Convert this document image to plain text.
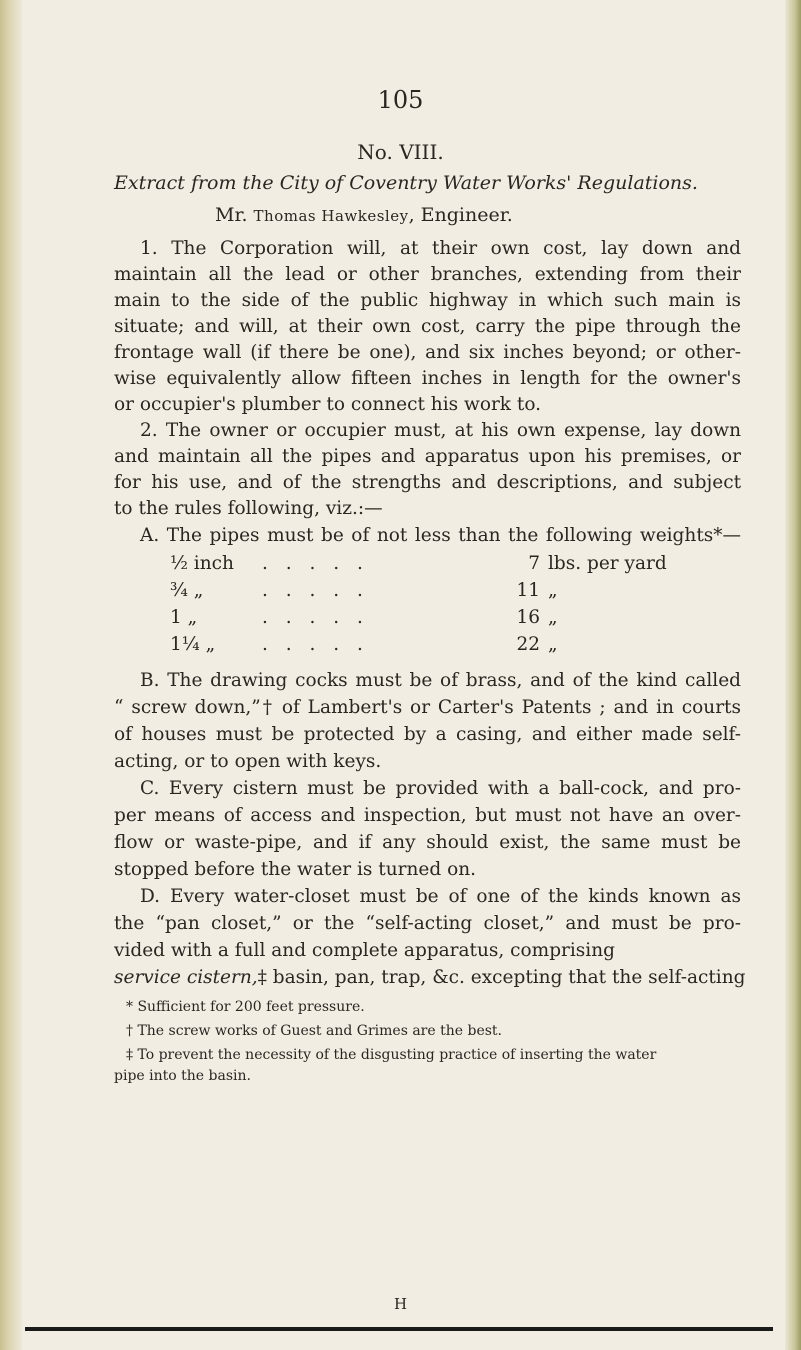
105
No. VIII.
Extract from the City of Coventry Water Works' Regulations.
Mr. Thomas Hawkesley, Engineer.
1. The Corporation will, at their own cost, lay down and
maintain all the lead or other branches, extending from their
main to the side of the public highway in which such main is
situate; and will, at their own cost, carry the pipe through the
frontage wall (if there be one), and six inches beyond; or other-
wise equivalently allow fifteen inches in length for the owner's
or occupier's plumber to connect his work to.
2. The owner or occupier must, at his own expense, lay down
and maintain all the pipes and apparatus upon his premises, or
for his use, and of the strengths and descriptions, and subject
to the rules following, viz.:—
A. The pipes must be of not less than the following weights*—
½ inch	. . . . .	7 lbs. per yard
¾ „	. . . . .	11 „
1 „	. . . . .	16 „
1¼ „	. . . . .	22 „
B. The drawing cocks must be of brass, and of the kind called
“ screw down,”† of Lambert's or Carter's Patents ; and in courts
of houses must be protected by a casing, and either made self-
acting, or to open with keys.
C. Every cistern must be provided with a ball-cock, and pro-
per means of access and inspection, but must not have an over-
flow or waste-pipe, and if any should exist, the same must be
stopped before the water is turned on.
D. Every water-closet must be of one of the kinds known as
the “pan closet,” or the “self-acting closet,” and must be pro-
vided with a full and complete apparatus, comprising
service cistern,‡ basin, pan, trap, &c. excepting that the self-acting
* Sufficient for 200 feet pressure.
† The screw works of Guest and Grimes are the best.
‡ To prevent the necessity of the disgusting practice of inserting the water
pipe into the basin.
H
